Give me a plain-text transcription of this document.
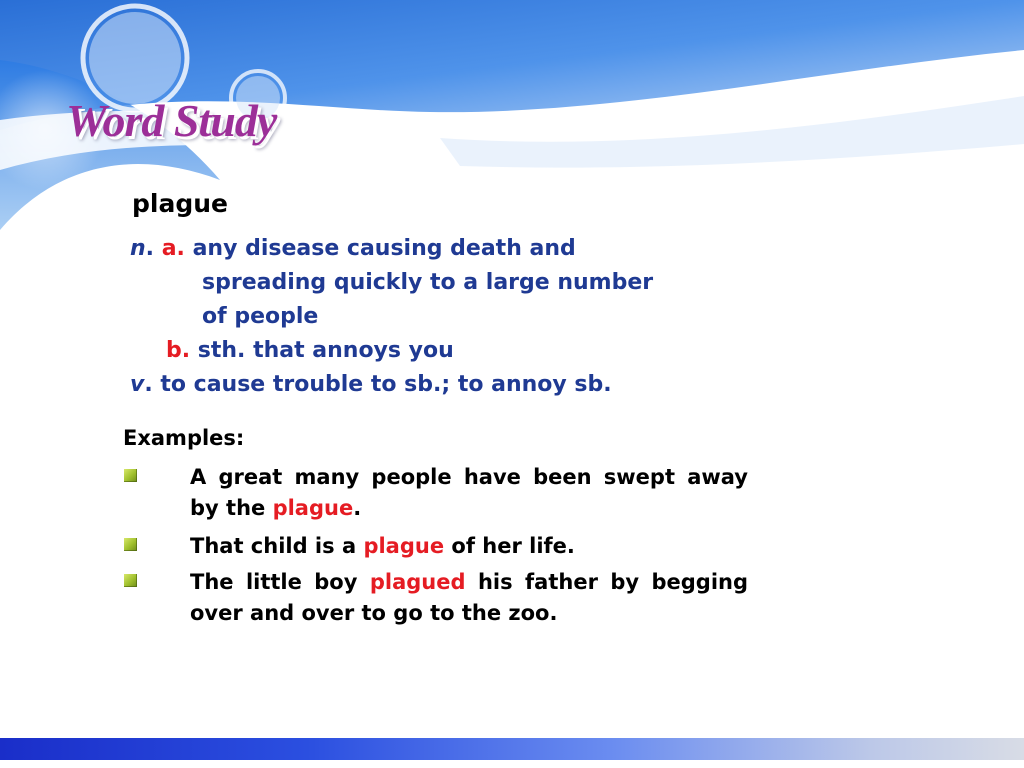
Word Study
plague
n. a. any disease causing death and
spreading quickly to a large number
of people
b. sth. that annoys you
v. to cause trouble to sb.; to annoy sb.
Examples:
A great many people have been swept away by the plague.
That child is a plague of her life.
The little boy plagued his father by begging over and over to go to the zoo.
